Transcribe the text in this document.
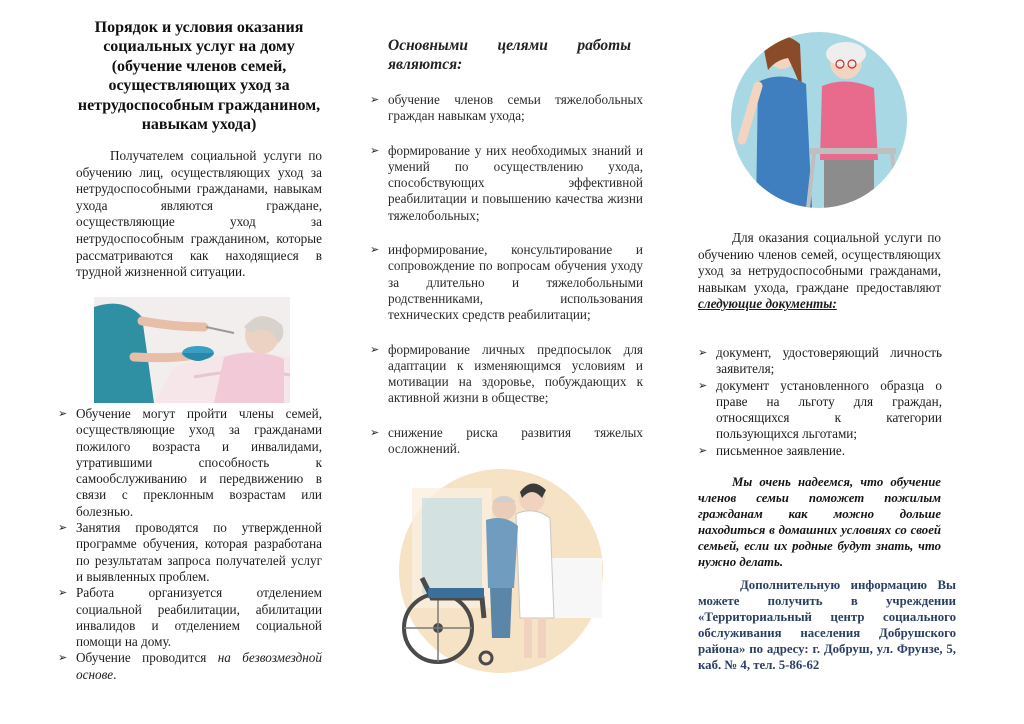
Порядок и условия оказания социальных услуг на дому (обучение членов семей, осуществляющих уход за нетрудоспособным гражданином, навыкам ухода)

Получателем социальной услуги по обучению лиц, осуществляющих уход за нетрудоспособными гражданами, навыкам ухода являются граждане, осуществляющие уход за нетрудоспособным гражданином, которые рассматриваются как находящиеся в трудной жизненной ситуации.

➢ Обучение могут пройти члены семей, осуществляющие уход за гражданами пожилого возраста и инвалидами, утратившими способность к самообслуживанию и передвижению в связи с преклонным возрастам или болезнью.
➢ Занятия проводятся по утвержденной программе обучения, которая разработана по результатам запроса получателей услуг и выявленных проблем.
➢ Работа организуется отделением социальной реабилитации, абилитации инвалидов и отделением социальной помощи на дому.
➢ Обучение проводится на безвозмездной основе.
Основными целями работы
являются:
➢ обучение членов семьи тяжелобольных граждан навыкам ухода;
➢ формирование у них необходимых знаний и умений по осуществлению ухода, способствующих эффективной реабилитации и повышению качества жизни тяжелобольных;
➢ информирование, консультирование и сопровождение по вопросам обучения уходу за длительно и тяжелобольными родственниками, использования технических средств реабилитации;
➢ формирование личных предпосылок для адаптации к изменяющимся условиям и мотивации на здоровье, побуждающих к активной жизни в обществе;
➢ снижение риска развития тяжелых осложнений.

Для оказания социальной услуги по обучению членов семей, осуществляющих уход за нетрудоспособными гражданами, навыкам ухода, граждане предоставляют следующие документы:

➢ документ, удостоверяющий личность заявителя;
➢ документ установленного образца о праве на льготу для граждан, относящихся к категории пользующихся льготами;
➢ письменное заявление.

Мы очень надеемся, что обучение членов семьи поможет пожилым гражданам как можно дольше находиться в домашних условиях со своей семьей, если их родные будут знать, что нужно делать.

Дополнительную информацию Вы можете получить в учреждении «Территориальный центр социального обслуживания населения Добрушского района» по адресу: г. Добруш, ул. Фрунзе, 5, каб. № 4, тел. 5-86-62
